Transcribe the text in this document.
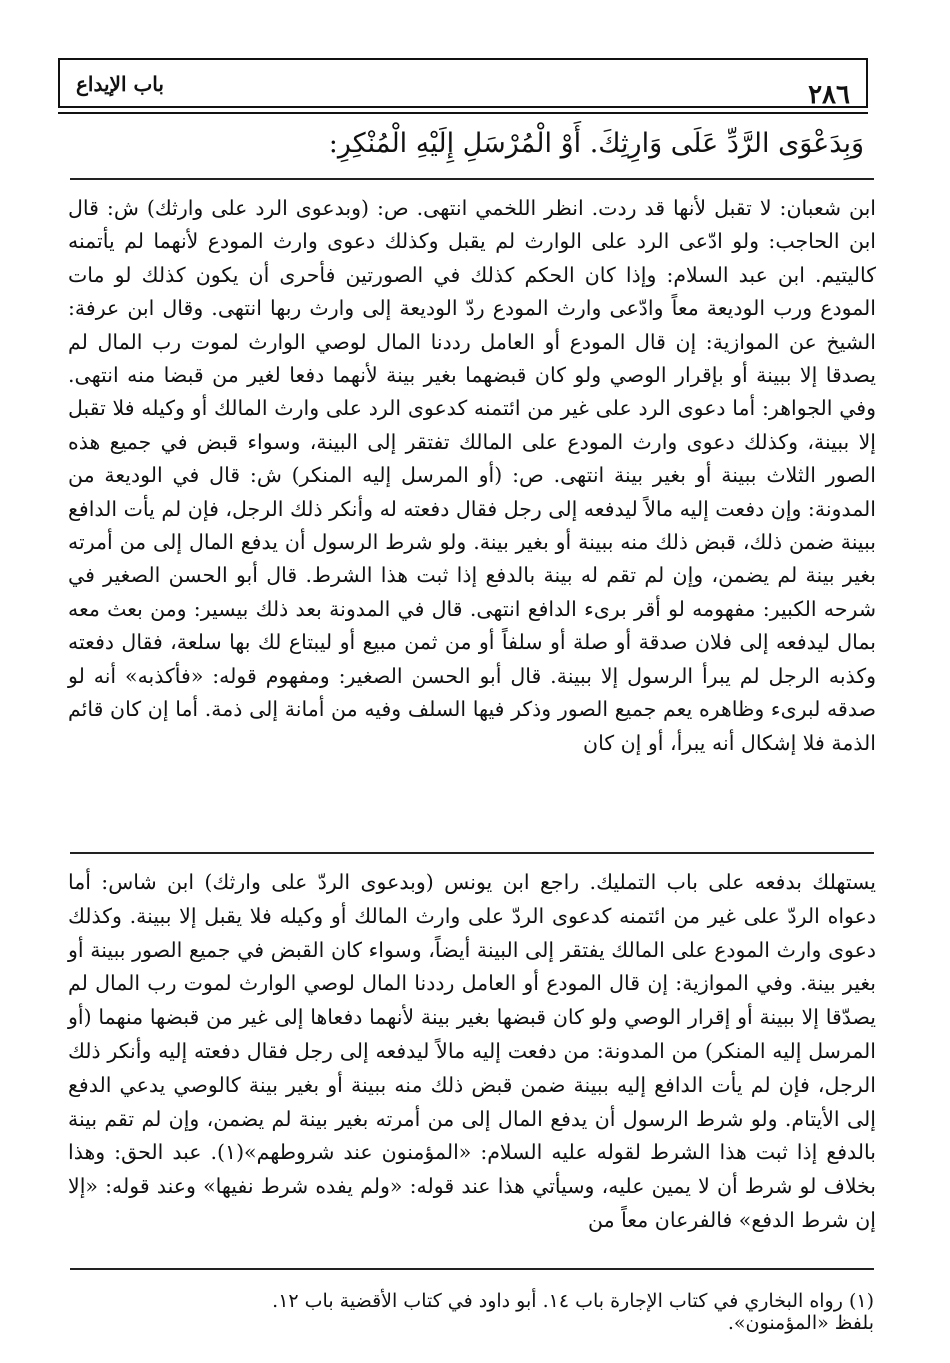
باب الإيداع	٢٨٦
وَبِدَعْوَى الرَّدِّ عَلَى وَارِثِكَ. أَوْ الْمُرْسَلِ إِلَيْهِ الْمُنْكِرِ:

ابن شعبان: لا تقبل لأنها قد ردت. انظر اللخمي انتهى. ص: (وبدعوى الرد على وارثك) ش: قال ابن الحاجب: ولو ادّعى الرد على الوارث لم يقبل وكذلك دعوى وارث المودع لأنهما لم يأتمنه كاليتيم. ابن عبد السلام: وإذا كان الحكم كذلك في الصورتين فأحرى أن يكون كذلك لو مات المودع ورب الوديعة معاً وادّعى وارث المودع ردّ الوديعة إلى وارث ربها انتهى. وقال ابن عرفة: الشيخ عن الموازية: إن قال المودع أو العامل رددنا المال لوصي الوارث لموت رب المال لم يصدقا إلا ببينة أو بإقرار الوصي ولو كان قبضهما بغير بينة لأنهما دفعا لغير من قبضا منه انتهى. وفي الجواهر: أما دعوى الرد على غير من ائتمنه كدعوى الرد على وارث المالك أو وكيله فلا تقبل إلا ببينة، وكذلك دعوى وارث المودع على المالك تفتقر إلى البينة، وسواء قبض في جميع هذه الصور الثلاث ببينة أو بغير بينة انتهى. ص: (أو المرسل إليه المنكر) ش: قال في الوديعة من المدونة: وإن دفعت إليه مالاً ليدفعه إلى رجل فقال دفعته له وأنكر ذلك الرجل، فإن لم يأت الدافع ببينة ضمن ذلك، قبض ذلك منه ببينة أو بغير بينة. ولو شرط الرسول أن يدفع المال إلى من أمرته بغير بينة لم يضمن، وإن لم تقم له بينة بالدفع إذا ثبت هذا الشرط. قال أبو الحسن الصغير في شرحه الكبير: مفهومه لو أقر برىء الدافع انتهى. قال في المدونة بعد ذلك بيسير: ومن بعث معه بمال ليدفعه إلى فلان صدقة أو صلة أو سلفاً أو من ثمن مبيع أو ليبتاع لك بها سلعة، فقال دفعته وكذبه الرجل لم يبرأ الرسول إلا ببينة. قال أبو الحسن الصغير: ومفهوم قوله: «فأكذبه» أنه لو صدقه لبرىء وظاهره يعم جميع الصور وذكر فيها السلف وفيه من أمانة إلى ذمة. أما إن كان قائم الذمة فلا إشكال أنه يبرأ، أو إن كان

يستهلك بدفعه على باب التمليك. راجع ابن يونس (وبدعوى الردّ على وارثك) ابن شاس: أما دعواه الردّ على غير من ائتمنه كدعوى الردّ على وارث المالك أو وكيله فلا يقبل إلا ببينة. وكذلك دعوى وارث المودع على المالك يفتقر إلى البينة أيضاً، وسواء كان القبض في جميع الصور ببينة أو بغير بينة. وفي الموازية: إن قال المودع أو العامل رددنا المال لوصي الوارث لموت رب المال لم يصدّقا إلا ببينة أو إقرار الوصي ولو كان قبضها بغير بينة لأنهما دفعاها إلى غير من قبضها منهما (أو المرسل إليه المنكر) من المدونة: من دفعت إليه مالاً ليدفعه إلى رجل فقال دفعته إليه وأنكر ذلك الرجل، فإن لم يأت الدافع إليه ببينة ضمن قبض ذلك منه ببينة أو بغير بينة كالوصي يدعي الدفع إلى الأيتام. ولو شرط الرسول أن يدفع المال إلى من أمرته بغير بينة لم يضمن، وإن لم تقم بينة بالدفع إذا ثبت هذا الشرط لقوله عليه السلام: «المؤمنون عند شروطهم»(١). عبد الحق: وهذا بخلاف لو شرط أن لا يمين عليه، وسيأتي هذا عند قوله: «ولم يفده شرط نفيها» وعند قوله: «إلا إن شرط الدفع» فالفرعان معاً من

(١) رواه البخاري في كتاب الإجارة باب ١٤. أبو داود في كتاب الأقضية باب ١٢. بلفظ «المؤمنون».
